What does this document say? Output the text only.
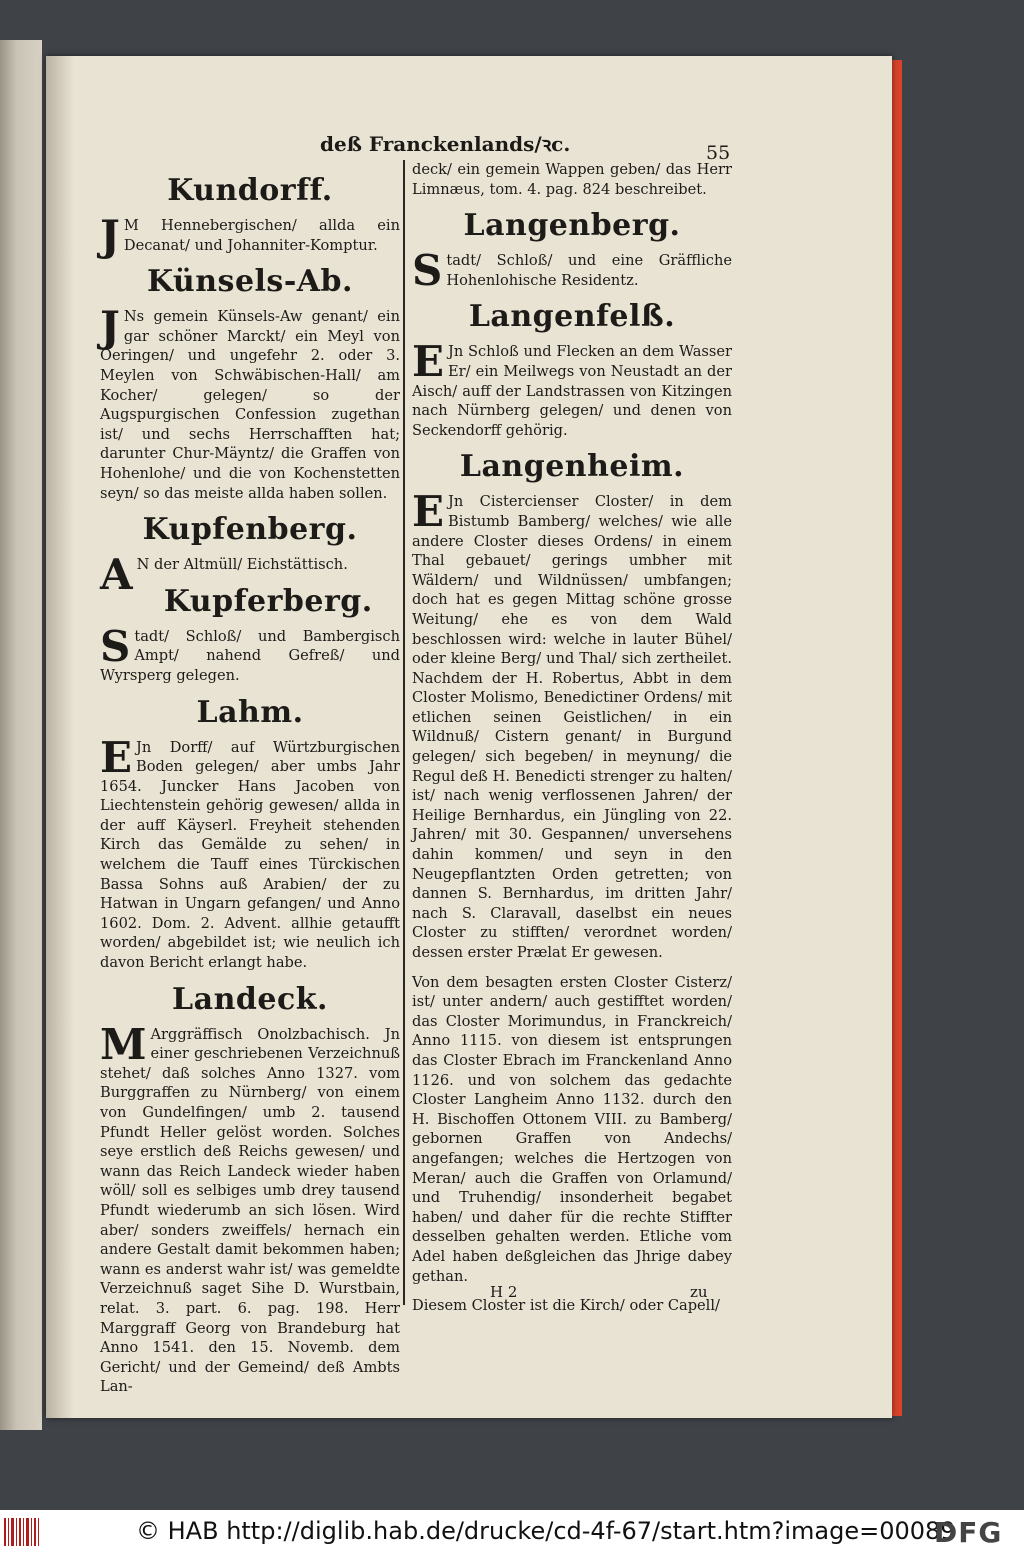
deß Franckenlands/ꝛc.	55
Kundorff.

JM Hennebergischen/ allda ein Decanat/ und Johanniter-Komptur.

Künsels-Ab.

JNs gemein Künsels-Aw genant/ ein gar schöner Marckt/ ein Meyl von Oeringen/ und ungefehr 2. oder 3. Meylen von Schwäbischen-Hall/ am Kocher/ gelegen/ so der Augspurgischen Confession zugethan ist/ und sechs Herrschafften hat; darunter Chur-Mäyntz/ die Graffen von Hohenlohe/ und die von Kochenstetten seyn/ so das meiste allda haben sollen.

Kupfenberg.

AN der Altmüll/ Eichstättisch.

Kupferberg.

Stadt/ Schloß/ und Bambergisch Ampt/ nahend Gefreß/ und Wyrsperg gelegen.

Lahm.

EJn Dorff/ auf Würtzburgischen Boden gelegen/ aber umbs Jahr 1654. Juncker Hans Jacoben von Liechtenstein gehörig gewesen/ allda in der auff Käyserl. Freyheit stehenden Kirch das Gemälde zu sehen/ in welchem die Tauff eines Türckischen Bassa Sohns auß Arabien/ der zu Hatwan in Ungarn gefangen/ und Anno 1602. Dom. 2. Advent. allhie getaufft worden/ abgebildet ist; wie neulich ich davon Bericht erlangt habe.

Landeck.

MArggräffisch Onolzbachisch. Jn einer geschriebenen Verzeichnuß stehet/ daß solches Anno 1327. vom Burggraffen zu Nürnberg/ von einem von Gundelfingen/ umb 2. tausend Pfundt Heller gelöst worden. Solches seye erstlich deß Reichs gewesen/ und wann das Reich Landeck wieder haben wöll/ soll es selbiges umb drey tausend Pfundt wiederumb an sich lösen. Wird aber/ sonders zweiffels/ hernach ein andere Gestalt damit bekommen haben; wann es anderst wahr ist/ was gemeldte Verzeichnuß saget Sihe D. Wurstbain, relat. 3. part. 6. pag. 198. Herr Marggraff Georg von Brandeburg hat Anno 1541. den 15. Novemb. dem Gericht/ und der Gemeind/ deß Ambts Lan-

deck/ ein gemein Wappen geben/ das Herr Limnæus, tom. 4. pag. 824 beschreibet.

Langenberg.

Stadt/ Schloß/ und eine Gräffliche Hohenlohische Residentz.

Langenfelß.

EJn Schloß und Flecken an dem Wasser Er/ ein Meilwegs von Neustadt an der Aisch/ auff der Landstrassen von Kitzingen nach Nürnberg gelegen/ und denen von Seckendorff gehörig.

Langenheim.

EJn Cistercienser Closter/ in dem Bistumb Bamberg/ welches/ wie alle andere Closter dieses Ordens/ in einem Thal gebauet/ gerings umbher mit Wäldern/ und Wildnüssen/ umbfangen; doch hat es gegen Mittag schöne grosse Weitung/ ehe es von dem Wald beschlossen wird: welche in lauter Bühel/ oder kleine Berg/ und Thal/ sich zertheilet. Nachdem der H. Robertus, Abbt in dem Closter Molismo, Benedictiner Ordens/ mit etlichen seinen Geistlichen/ in ein Wildnuß/ Cistern genant/ in Burgund gelegen/ sich begeben/ in meynung/ die Regul deß H. Benedicti strenger zu halten/ ist/ nach wenig verflossenen Jahren/ der Heilige Bernhardus, ein Jüngling von 22. Jahren/ mit 30. Gespannen/ unversehens dahin kommen/ und seyn in den Neugepflantzten Orden getretten; von dannen S. Bernhardus, im dritten Jahr/ nach S. Claravall, daselbst ein neues Closter zu stifften/ verordnet worden/ dessen erster Prælat Er gewesen.

Von dem besagten ersten Closter Cisterz/ ist/ unter andern/ auch gestifftet worden/ das Closter Morimundus, in Franckreich/ Anno 1115. von diesem ist entsprungen das Closter Ebrach im Franckenland Anno 1126. und von solchem das gedachte Closter Langheim Anno 1132. durch den H. Bischoffen Ottonem VIII. zu Bamberg/ gebornen Graffen von Andechs/ angefangen; welches die Hertzogen von Meran/ auch die Graffen von Orlamund/ und Truhendig/ insonderheit begabet haben/ und daher für die rechte Stiffter desselben gehalten werden. Etliche vom Adel haben deßgleichen das Jhrige dabey gethan.

Diesem Closter ist die Kirch/ oder Capell/

H 2	zu
© HAB http://diglib.hab.de/drucke/cd-4f-67/start.htm?image=00089
DFG
